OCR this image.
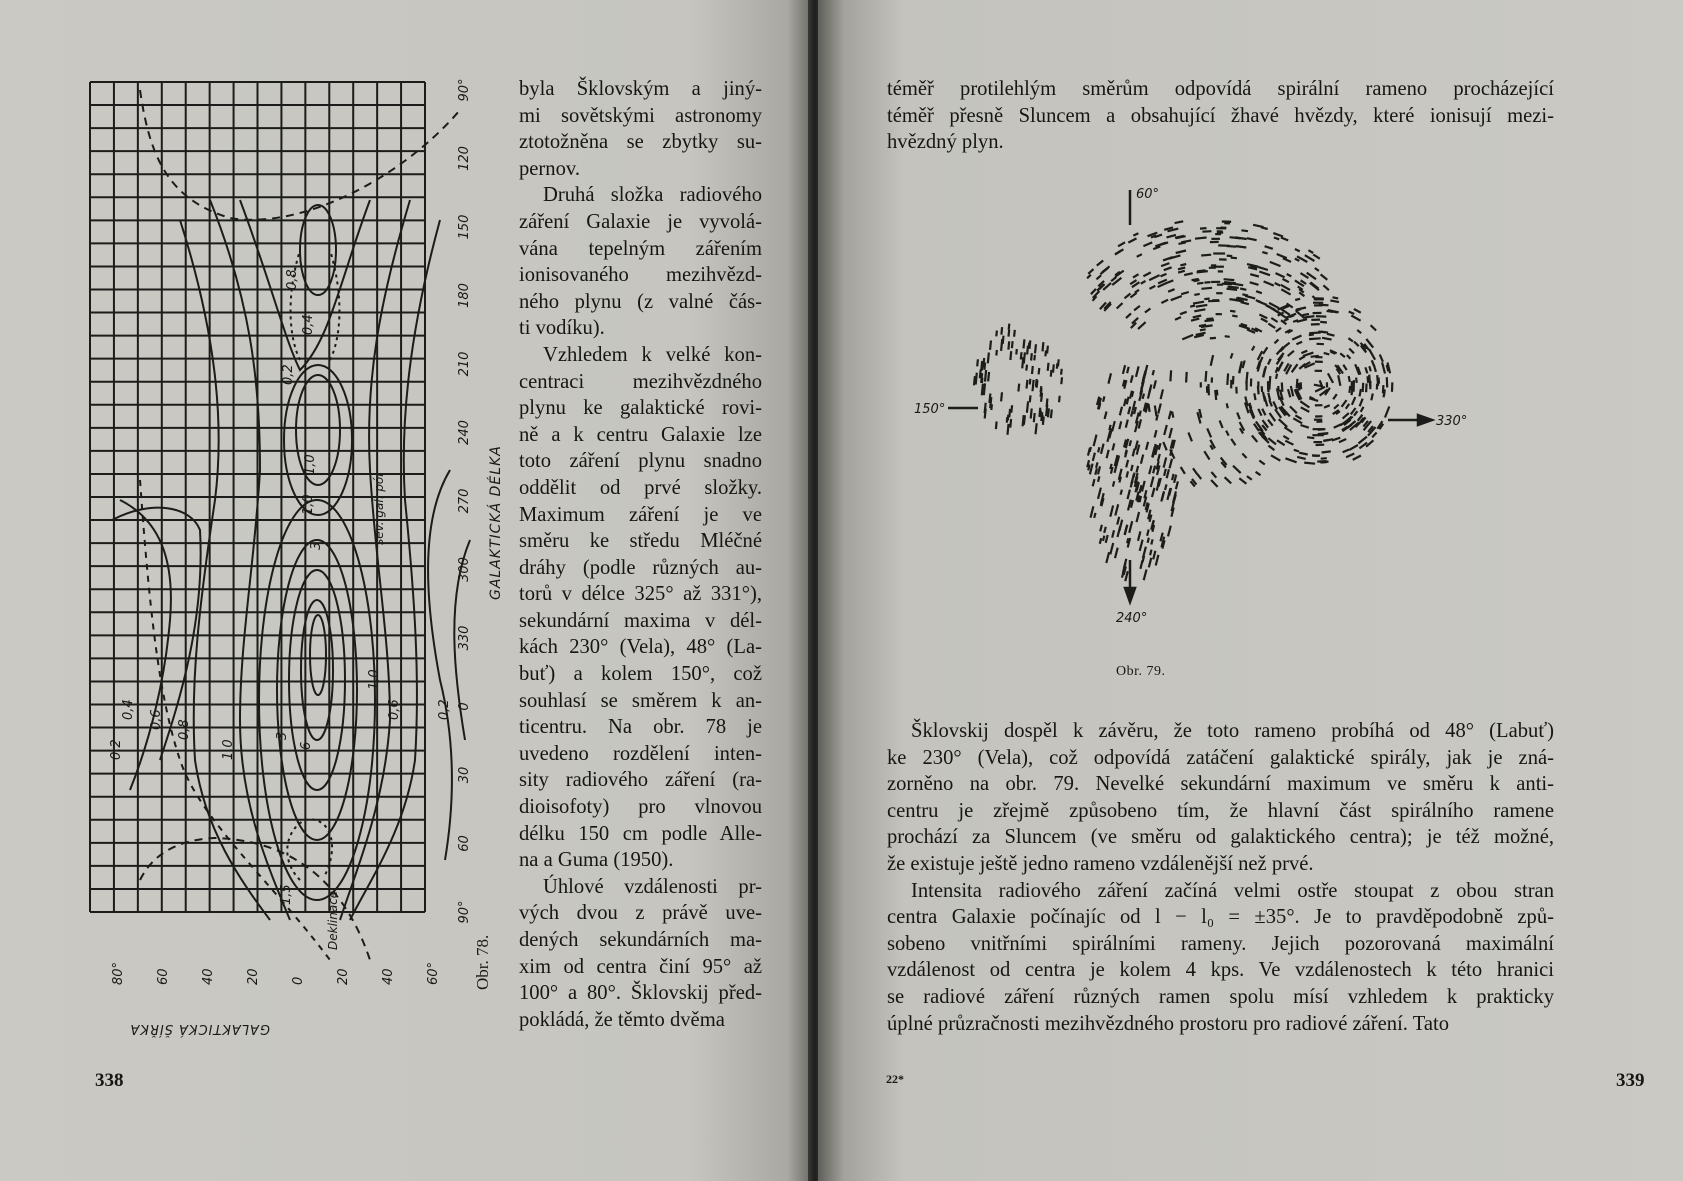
0,8
0,4
0,2
1,0
1,0
3
6
3
1,0
0,8
0,6
0,4
0,2
1,0
0,6	0,2
1,5
90°
120
150
180
210
240
270
300
330
0
30
60
90°
80° 60 40 20 0 20 40 60°
GALAKTICKÁ DÉLKA
sev. gal. pól
Deklinace
Obr. 78.
GALAKTICKÁ ŠÍŘKA
byla Šklovským a jiný-
mi sovětskými astronomy
ztotožněna se zbytky su-
pernov.
Druhá složka radiového
záření Galaxie je vyvolá-
vána tepelným zářením
ionisovaného mezihvězd-
ného plynu (z valné čás-
ti vodíku).
Vzhledem k velké kon-
centraci mezihvězdného
plynu ke galaktické rovi-
ně a k centru Galaxie lze
toto záření plynu snadno
oddělit od prvé složky.
Maximum záření je ve
směru ke středu Mléčné
dráhy (podle různých au-
torů v délce 325° až 331°),
sekundární maxima v dél-
kách 230° (Vela), 48° (La-
buť) a kolem 150°, což
souhlasí se směrem k an-
ticentru. Na obr. 78 je
uvedeno rozdělení inten-
sity radiového záření (ra-
dioisofoty) pro vlnovou
délku 150 cm podle Alle-
na a Guma (1950).
Úhlové vzdálenosti pr-
vých dvou z právě uve-
dených sekundárních ma-
xim od centra činí 95° až
100° a 80°. Šklovskij před-
pokládá, že těmto dvěma
338

téměř protilehlým směrům odpovídá spirální rameno procházející

téměř přesně Sluncem a obsahující žhavé hvězdy, které ionisují mezi-

hvězdný plyn.

60°
150°
330°
240°
Obr. 79.
Šklovskij dospěl k závěru, že toto rameno probíhá od 48° (Labuť)
ke 230° (Vela), což odpovídá zatáčení galaktické spirály, jak je zná-
zorněno na obr. 79. Nevelké sekundární maximum ve směru k anti-
centru je zřejmě způsobeno tím, že hlavní část spirálního ramene
prochází za Sluncem (ve směru od galaktického centra); je též možné,
že existuje ještě jedno rameno vzdálenější než prvé.
Intensita radiového záření začíná velmi ostře stoupat z obou stran
centra Galaxie počínajíc od l − l₀ = ±35°. Je to pravděpodobně způ-
sobeno vnitřními spirálními rameny. Jejich pozorovaná maximální
vzdálenost od centra je kolem 4 kps. Ve vzdálenostech k této hranici
se radiové záření různých ramen spolu mísí vzhledem k prakticky
úplné průzračnosti mezihvězdného prostoru pro radiové záření. Tato
22*	339
